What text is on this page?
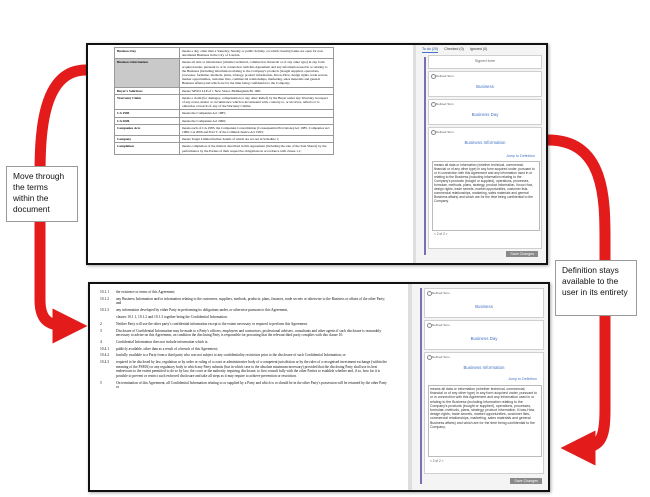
Move through the terms within the document
Definition stays available to the user in its entirety
Business Day	means a day, other than a Saturday, Sunday or public holiday, on which clearing banks are open for non-automated Business in the City of London.
Business Information	means all data or information (whether technical, commercial, financial or of any other type) in any form acquired under, pursuant to or in connection with this Agreement and any information used in or relating to the Business (including information relating to the Company's products (bought supplied, operations, processes, formulae, methods, plans, strategy, product information, Know-How, design rights, trade secrets, market opportunities, customer lists, commercial relationships, marketing, sales materials and general Business affairs) and which are for the time being confidential to the Company;
Buyer's Solicitors	means 'MWO LLP of 1 New Street, Birmingham B1 1RP;
Warranty Claim	means a claim (for damages, compensation or any other Relief) by the Buyer under any Warranty in respect of any event, matter or circumstance which is inconsistent with, contrary to, or involves, reflects or is otherwise a breach of, any of the Warranty Claims;
CA 1985	means the Companies Act 1985;
CA 2006	means the Companies Act 2006;
Companies Acts	means each of CA 1985, the Companies Consolidation (Consequential Provisions) Act 1985, Companies Act 1989, CA 2006 and Part V of the Criminal Justice Act 1993;
Company	means Target Limited further details of which are set out in Schedule 1;
Completion	means completion of the matters described in this Agreement (including the sale of the Sale Shares) by the performance by the Parties of their respective obligations in accordance with clause 1.1;
To do (20) Checked (0) Ignored (0)
Signed form
Defined Term
Business
Defined Term
Business Day
Defined Term
Business Information
Jump to Definition
means all data or information (whether technical, commercial, financial or of any other type) in any form acquired under, pursuant to or in connection with this Agreement and any information used in or relating to the Business (including information relating to the Company's products (bought or supplied), operations, processes, formulae, methods, plans, strategy, product information, Know-How, design rights, trade secrets, market opportunities, customer lists, commercial relationships, marketing, sales materials and general Business affairs) and which are for the time being confidential to the Company.
< 2 of 2 >
Save Changes
10.1.1	the existence or terms of this Agreement;
10.1.2	any Business Information and/or information relating to the customers, suppliers, methods, products, plans, finances, trade secrets or otherwise to the Business or affairs of the other Party; and
10.1.3	any information developed by either Party in performing its obligations under, or otherwise pursuant to this Agreement,
clauses 10.1.1, 10.1.2 and 10.1.3 together being the Confidential Information.
2	Neither Party will use the other party's confidential information except to the extent necessary or required to perform this Agreement.
3	Disclosure of Confidential Information may be made to a Party's officers, employees and contractors, professional advisers, consultants and other agents if such disclosure is reasonably necessary to advise on this Agreement, on condition the disclosing Party is responsible for procuring that the relevant third party complies with this clause 10.
4	Confidential Information does not include information which is:
10.4.1	publicly available, other than as a result of a breach of this Agreement;
10.4.2	lawfully available to a Party from a third party who was not subject to any confidentiality restriction prior to the disclosure of such Confidential Information; or
10.4.3	required to be disclosed by law, regulation or by order or ruling of a court or administrative body of a competent jurisdiction or by the rules of a recognised investment exchange (within the meaning of the FSMA) or any regulatory body to which any Party submits (but in which case to the absolute maximum necessary) provided that the disclosing Party shall use its best endeavours to the extent permitted to do so by law, the court or the authority requiring disclosure, to first consult fully with the other Parties to establish whether and, if so, how far it is possible to prevent or restrict such enforced disclosure and take all steps as it may require to achieve prevention or restriction.
5	On termination of this Agreement, all Confidential Information relating to or supplied by a Party and which is or should be in the other Party's possession will be returned by the other Party or
Defined Term
Business
Defined Term
Business Day
Defined Term
Business Information
Jump to Definition
means all data or information (whether technical, commercial, financial or of any other type) in any form acquired under, pursuant to or in connection with this Agreement and any information used in or relating to the Business (including information relating to the Company's products (bought or supplied), operations, processes, formulae, methods, plans, strategy, product information, Know-How, design rights, trade secrets, market opportunities, customer lists, commercial relationships, marketing, sales materials and general Business affairs) and which are for the time being confidential to the Company.
< 2 of 2 >
Save Changes
